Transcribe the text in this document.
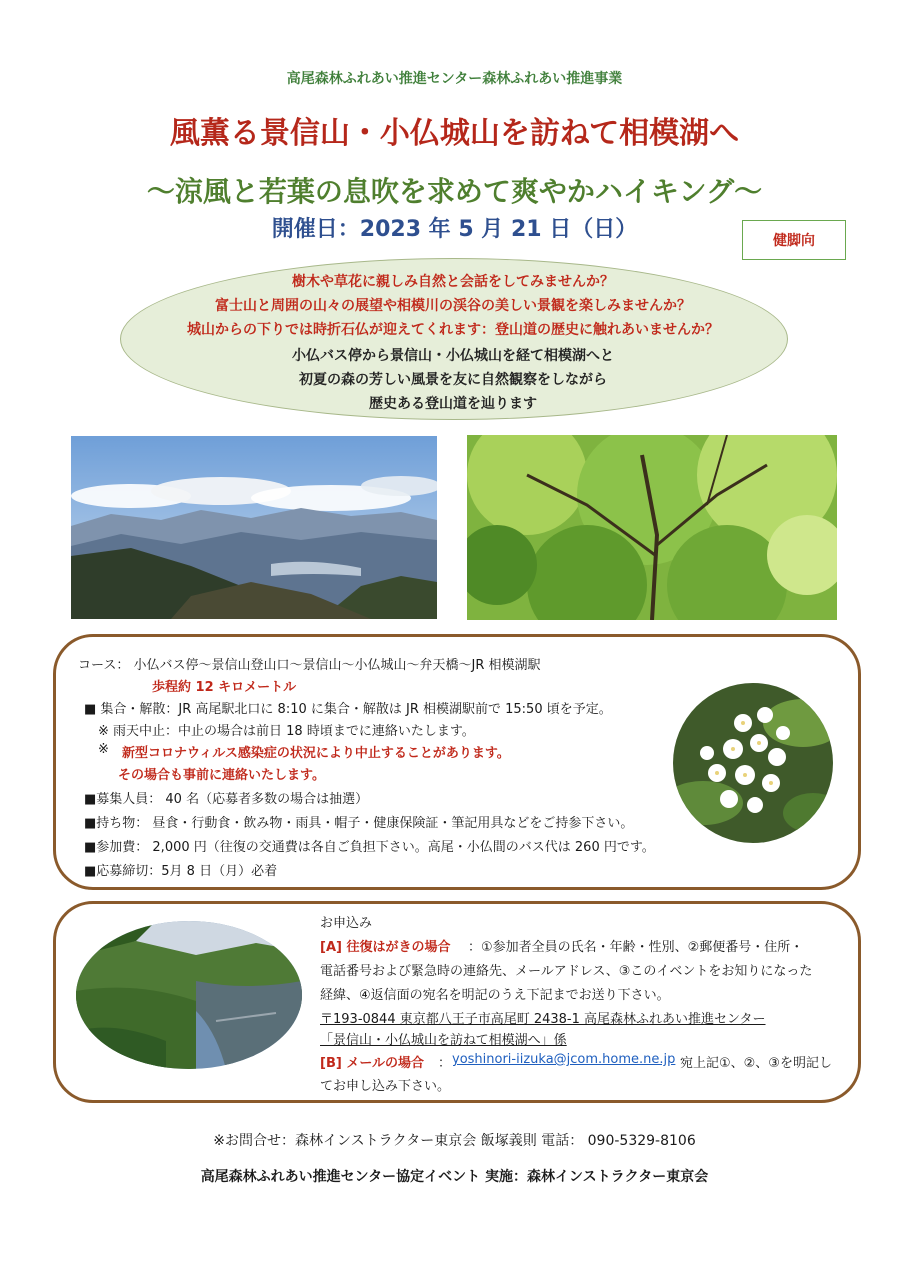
高尾森林ふれあい推進センター森林ふれあい推進事業
風薫る景信山・小仏城山を訪ねて相模湖へ
～涼風と若葉の息吹を求めて爽やかハイキング～
開催日：2023 年 5 月 21 日（日）	健脚向
樹木や草花に親しみ自然と会話をしてみませんか？
富士山と周囲の山々の展望や相模川の渓谷の美しい景観を楽しみませんか？
城山からの下りでは時折石仏が迎えてくれます：登山道の歴史に触れあいませんか？
小仏バス停から景信山・小仏城山を経て相模湖へと
初夏の森の芳しい風景を友に自然観察をしながら
歴史ある登山道を辿ります
コース： 小仏バス停～景信山登山口～景信山～小仏城山～弁天橋～JR 相模湖駅
歩程約 12 キロメートル
■ 集合・解散：JR 高尾駅北口に 8:10 に集合・解散は JR 相模湖駅前で 15:50 頃を予定。
※ 雨天中止：中止の場合は前日 18 時頃までに連絡いたします。
※ 新型コロナウィルス感染症の状況により中止することがあります。
その場合も事前に連絡いたします。
■募集人員： 40 名（応募者多数の場合は抽選）
■持ち物： 昼食・行動食・飲み物・雨具・帽子・健康保険証・筆記用具などをご持参下さい。
■参加費： 2,000 円（往復の交通費は各自ご負担下さい。高尾・小仏間のバス代は 260 円です。
■応募締切：5月 8 日（月）必着
お申込み
[A] 往復はがきの場合 ：①参加者全員の氏名・年齢・性別、②郵便番号・住所・
電話番号および緊急時の連絡先、メールアドレス、③このイベントをお知りになった
経緯、④返信面の宛名を明記のうえ下記までお送り下さい。
〒193-0844 東京都八王子市高尾町 2438-1 高尾森林ふれあい推進センター
「景信山・小仏城山を訪ねて相模湖へ」係
[B] メールの場合 ： yoshinori-iizuka@jcom.home.ne.jp 宛上記①、②、③を明記し
てお申し込み下さい。
※お問合せ：森林インストラクター東京会 飯塚義則 電話： 090-5329-8106
高尾森林ふれあい推進センター協定イベント 実施：森林インストラクター東京会
